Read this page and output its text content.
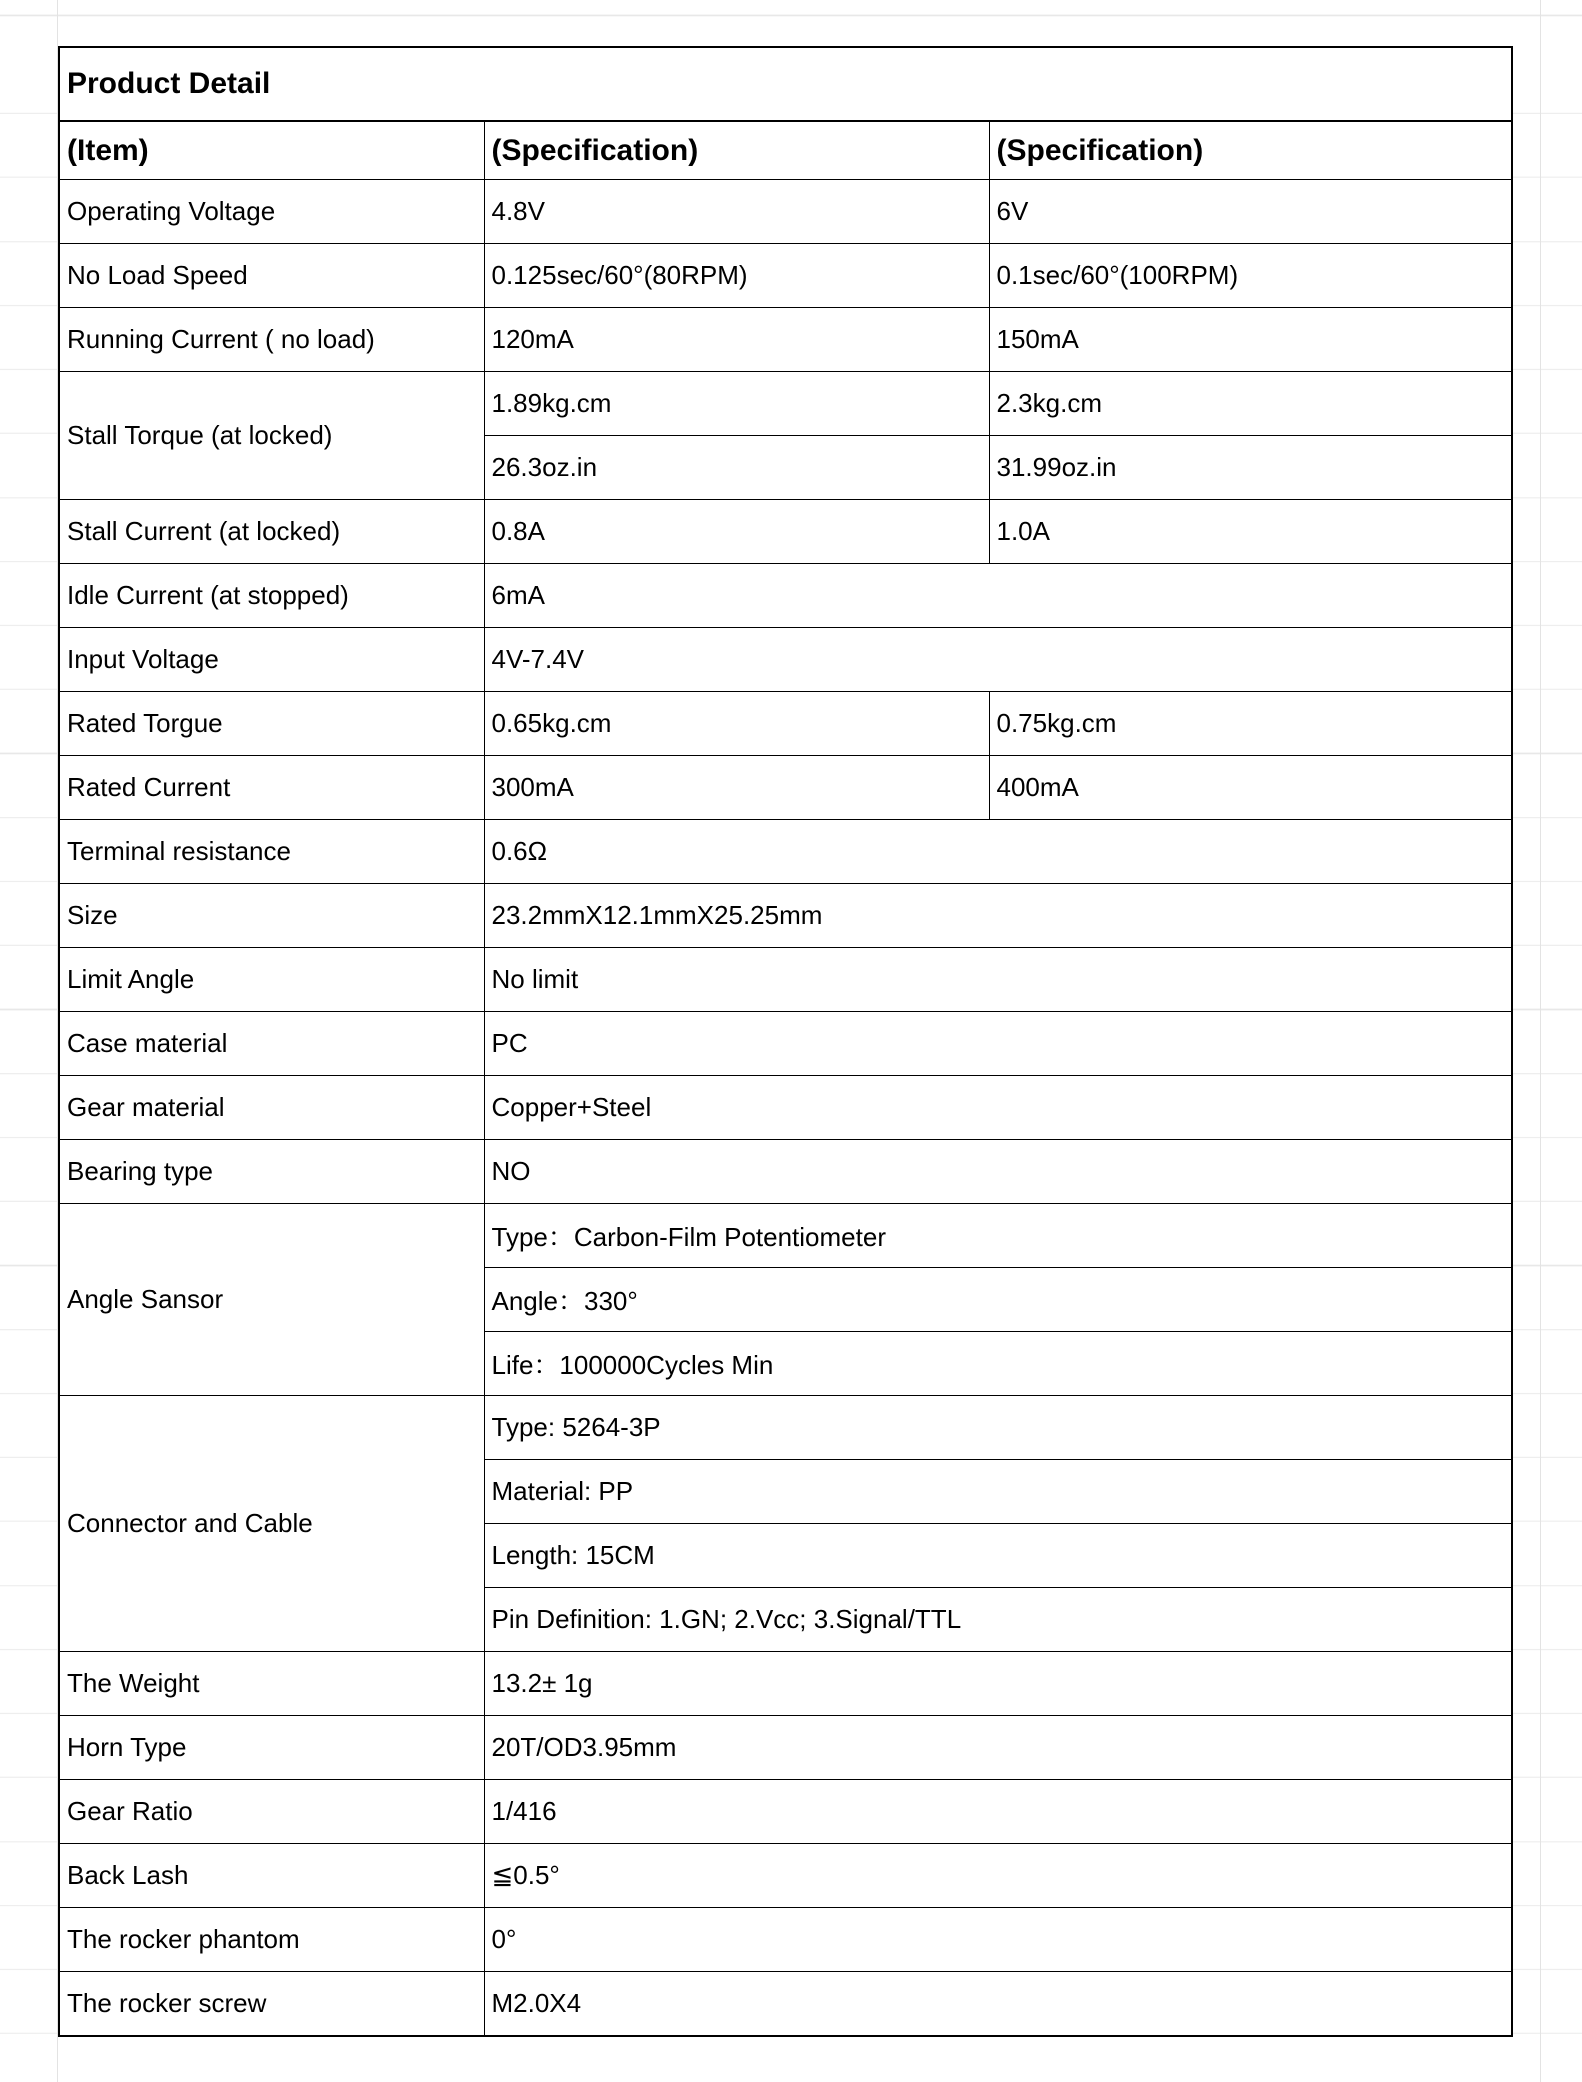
Product Detail		
(Item)	(Specification)	(Specification)
Operating Voltage	4.8V	6V
No Load Speed	0.125sec/60°(80RPM)	0.1sec/60°(100RPM)
Running Current ( no load)	120mA	150mA
Stall Torque (at locked)	1.89kg.cm	2.3kg.cm
	26.3oz.in	31.99oz.in
Stall Current (at locked)	0.8A	1.0A
Idle Current (at stopped)	6mA	
Input Voltage	4V-7.4V	
Rated Torgue	0.65kg.cm	0.75kg.cm
Rated Current	300mA	400mA
Terminal resistance	0.6Ω	
Size	23.2mmX12.1mmX25.25mm	
Limit Angle	No limit	
Case material	PC	
Gear material	Copper+Steel	
Bearing type	NO	
Angle Sansor	Type：Carbon-Film Potentiometer	
	Angle：330°	
	Life：100000Cycles Min	
Connector and Cable	Type: 5264-3P	
	Material: PP	
	Length: 15CM	
	Pin Definition: 1.GN; 2.Vcc; 3.Signal/TTL	
The Weight	13.2± 1g	
Horn Type	20T/OD3.95mm	
Gear Ratio	1/416	
Back Lash	≦0.5°	
The rocker phantom	0°	
The rocker screw	M2.0X4	
